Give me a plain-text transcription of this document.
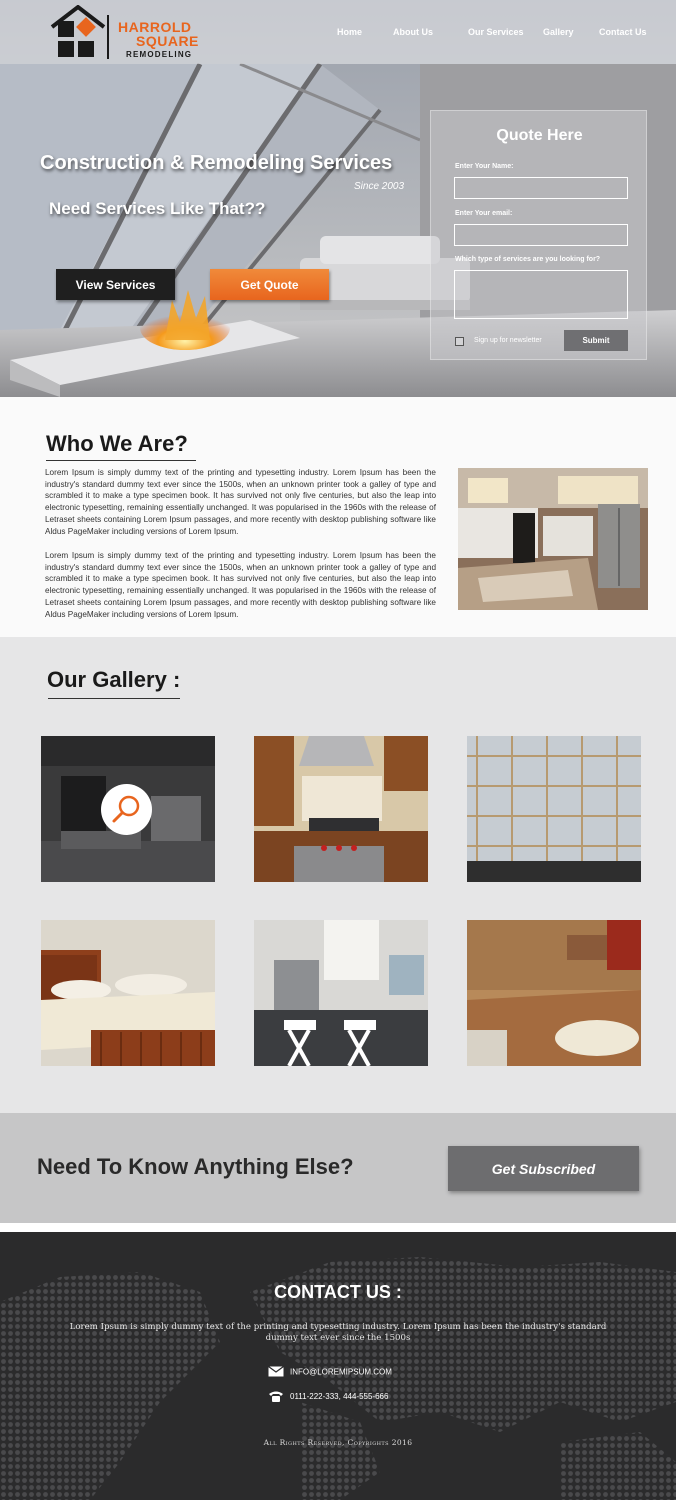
HARROLD
SQUARE
REMODELING
Home	About Us	Our Services Gallery	Contact Us
Construction & Remodeling Services
Since 2003
Need Services Like That??
View Services	Get Quote
Quote Here
Enter Your Name:
Enter Your email:
Which type of services are you looking for?
Sign up for newsletter	Submit
Who We Are?

Lorem Ipsum is simply dummy text of the printing and typesetting industry. Lorem Ipsum has been the industry's standard dummy text ever since the 1500s, when an unknown printer took a galley of type and scrambled it to make a type specimen book. It has survived not only five centuries, but also the leap into electronic typesetting, remaining essentially unchanged. It was popularised in the 1960s with the release of Letraset sheets containing Lorem Ipsum passages, and more recently with desktop publishing software like Aldus PageMaker including versions of Lorem Ipsum.

Lorem Ipsum is simply dummy text of the printing and typesetting industry. Lorem Ipsum has been the industry's standard dummy text ever since the 1500s, when an unknown printer took a galley of type and scrambled it to make a type specimen book. It has survived not only five centuries, but also the leap into electronic typesetting, remaining essentially unchanged. It was popularised in the 1960s with the release of Letraset sheets containing Lorem Ipsum passages, and more recently with desktop publishing software like Aldus PageMaker including versions of Lorem Ipsum.

Our Gallery :
Need To Know Anything Else?	Get Subscribed
CONTACT US :

Lorem Ipsum is simply dummy text of the printing and typesetting industry. Lorem Ipsum has been the industry's standard dummy text ever since the 1500s

INFO@LOREMIPSUM.COM
0111-222-333, 444-555-666
All Rights Reserved, Copyrights 2016
